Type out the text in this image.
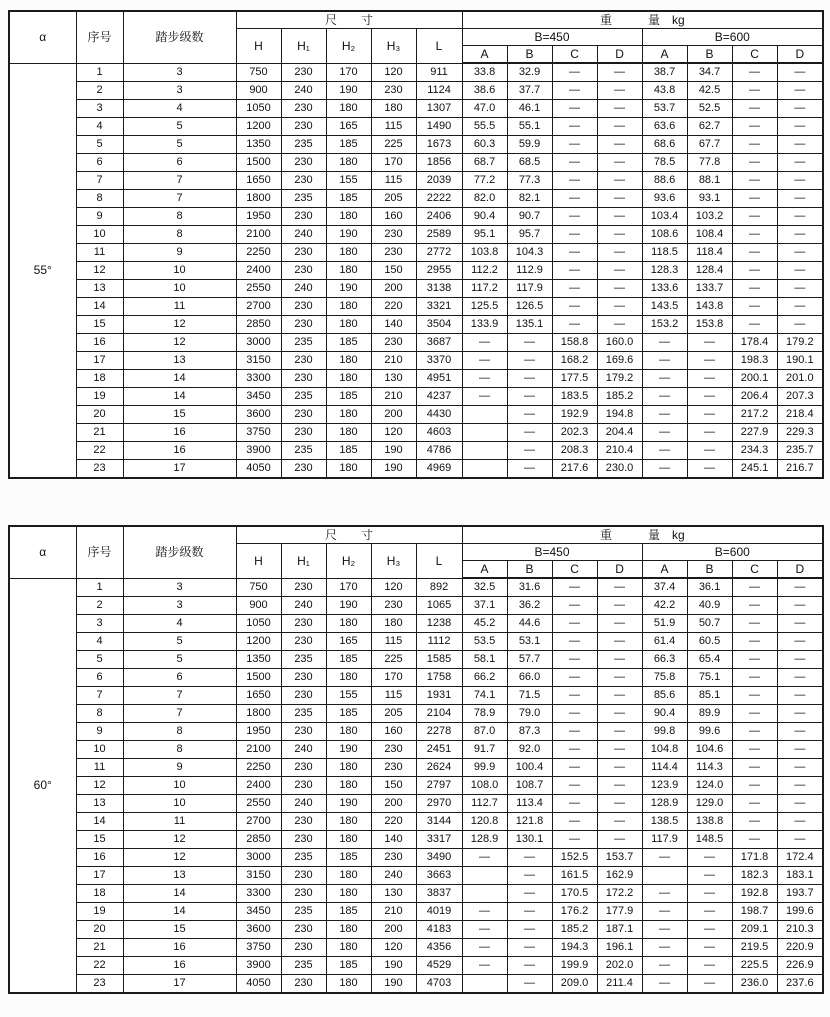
α	序号	踏步级数	尺　　寸					重　　　量　kg							
			H	H₁	H₂	H₃	L	B=450				B=600			
								A	B	C	D	A	B	C	D
55°	1	3	750	230	170	120	911	33.8	32.9	—	—	38.7	34.7	—	—
	2	3	900	240	190	230	1124	38.6	37.7	—	—	43.8	42.5	—	—
	3	4	1050	230	180	180	1307	47.0	46.1	—	—	53.7	52.5	—	—
	4	5	1200	230	165	115	1490	55.5	55.1	—	—	63.6	62.7	—	—
	5	5	1350	235	185	225	1673	60.3	59.9	—	—	68.6	67.7	—	—
	6	6	1500	230	180	170	1856	68.7	68.5	—	—	78.5	77.8	—	—
	7	7	1650	230	155	115	2039	77.2	77.3	—	—	88.6	88.1	—	—
	8	7	1800	235	185	205	2222	82.0	82.1	—	—	93.6	93.1	—	—
	9	8	1950	230	180	160	2406	90.4	90.7	—	—	103.4	103.2	—	—
	10	8	2100	240	190	230	2589	95.1	95.7	—	—	108.6	108.4	—	—
	11	9	2250	230	180	230	2772	103.8	104.3	—	—	118.5	118.4	—	—
	12	10	2400	230	180	150	2955	112.2	112.9	—	—	128.3	128.4	—	—
	13	10	2550	240	190	200	3138	117.2	117.9	—	—	133.6	133.7	—	—
	14	11	2700	230	180	220	3321	125.5	126.5	—	—	143.5	143.8	—	—
	15	12	2850	230	180	140	3504	133.9	135.1	—	—	153.2	153.8	—	—
	16	12	3000	235	185	230	3687	—	—	158.8	160.0	—	—	178.4	179.2
	17	13	3150	230	180	210	3370	—	—	168.2	169.6	—	—	198.3	190.1
	18	14	3300	230	180	130	4951	—	—	177.5	179.2	—	—	200.1	201.0
	19	14	3450	235	185	210	4237	—	—	183.5	185.2	—	—	206.4	207.3
	20	15	3600	230	180	200	4430		—	192.9	194.8	—	—	217.2	218.4
	21	16	3750	230	180	120	4603		—	202.3	204.4	—	—	227.9	229.3
	22	16	3900	235	185	190	4786		—	208.3	210.4	—	—	234.3	235.7
	23	17	4050	230	180	190	4969		—	217.6	230.0	—	—	245.1	216.7
α	序号	踏步级数	尺　　寸					重　　　量　kg							
			H	H₁	H₂	H₃	L	B=450				B=600			
								A	B	C	D	A	B	C	D
60°	1	3	750	230	170	120	892	32.5	31.6	—	—	37.4	36.1	—	—
	2	3	900	240	190	230	1065	37.1	36.2	—	—	42.2	40.9	—	—
	3	4	1050	230	180	180	1238	45.2	44.6	—	—	51.9	50.7	—	—
	4	5	1200	230	165	115	1112	53.5	53.1	—	—	61.4	60.5	—	—
	5	5	1350	235	185	225	1585	58.1	57.7	—	—	66.3	65.4	—	—
	6	6	1500	230	180	170	1758	66.2	66.0	—	—	75.8	75.1	—	—
	7	7	1650	230	155	115	1931	74.1	71.5	—	—	85.6	85.1	—	—
	8	7	1800	235	185	205	2104	78.9	79.0	—	—	90.4	89.9	—	—
	9	8	1950	230	180	160	2278	87.0	87.3	—	—	99.8	99.6	—	—
	10	8	2100	240	190	230	2451	91.7	92.0	—	—	104.8	104.6	—	—
	11	9	2250	230	180	230	2624	99.9	100.4	—	—	114.4	114.3	—	—
	12	10	2400	230	180	150	2797	108.0	108.7	—	—	123.9	124.0	—	—
	13	10	2550	240	190	200	2970	112.7	113.4	—	—	128.9	129.0	—	—
	14	11	2700	230	180	220	3144	120.8	121.8	—	—	138.5	138.8	—	—
	15	12	2850	230	180	140	3317	128.9	130.1	—	—	117.9	148.5	—	—
	16	12	3000	235	185	230	3490	—	—	152.5	153.7	—	—	171.8	172.4
	17	13	3150	230	180	240	3663		—	161.5	162.9		—	182.3	183.1
	18	14	3300	230	180	130	3837		—	170.5	172.2	—	—	192.8	193.7
	19	14	3450	235	185	210	4019	—	—	176.2	177.9	—	—	198.7	199.6
	20	15	3600	230	180	200	4183	—	—	185.2	187.1	—	—	209.1	210.3
	21	16	3750	230	180	120	4356	—	—	194.3	196.1	—	—	219.5	220.9
	22	16	3900	235	185	190	4529	—	—	199.9	202.0	—	—	225.5	226.9
	23	17	4050	230	180	190	4703		—	209.0	211.4	—	—	236.0	237.6
